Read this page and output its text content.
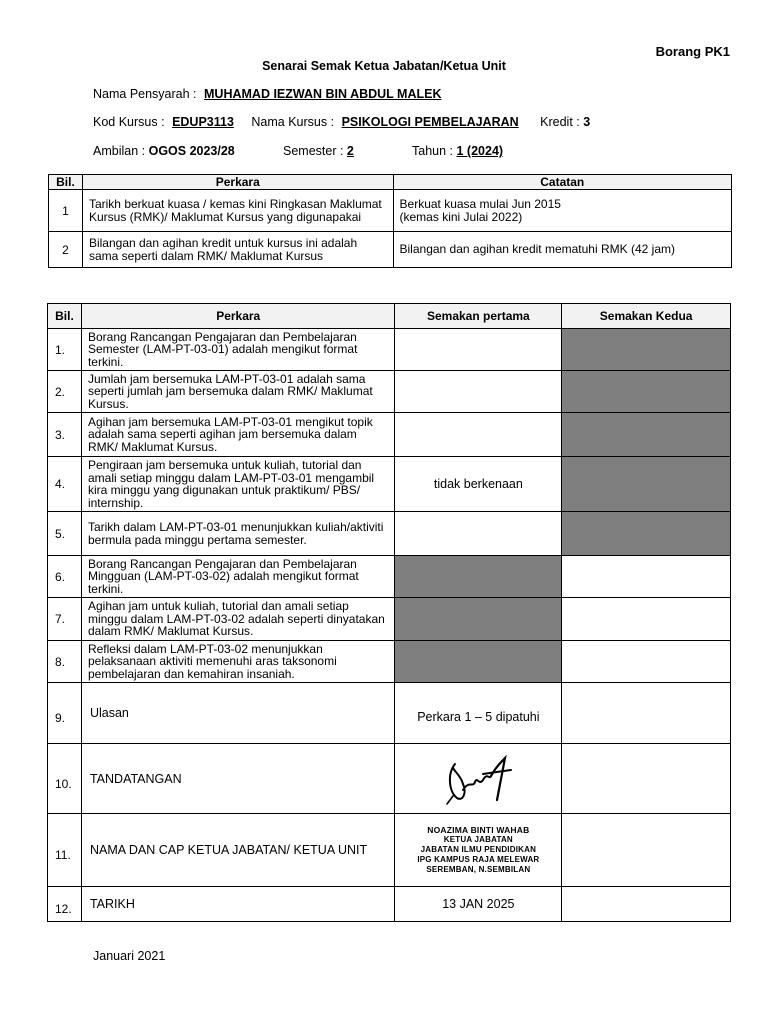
Borang PK1
Senarai Semak Ketua Jabatan/Ketua Unit
Nama Pensyarah : MUHAMAD IEZWAN BIN ABDUL MALEK
Kod Kursus : EDUP3113 Nama Kursus : PSIKOLOGI PEMBELAJARAN Kredit : 3
Ambilan : OGOS 2023/28	Semester : 2	Tahun : 1 (2024)
Bil.	Perkara	Catatan
1	Tarikh berkuat kuasa / kemas kini Ringkasan Maklumat Kursus (RMK)/ Maklumat Kursus yang digunapakai	Berkuat kuasa mulai Jun 2015
(kemas kini Julai 2022)

2	Bilangan dan agihan kredit untuk kursus ini adalah sama seperti dalam RMK/ Maklumat Kursus	Bilangan dan agihan kredit mematuhi RMK (42 jam)
Bil.	Perkara	Semakan pertama	Semakan Kedua
1.	Borang Rancangan Pengajaran dan Pembelajaran Semester (LAM-PT-03-01) adalah mengikut format terkini.		
2.	Jumlah jam bersemuka LAM-PT-03-01 adalah sama seperti jumlah jam bersemuka dalam RMK/ Maklumat Kursus.		
3.	Agihan jam bersemuka LAM-PT-03-01 mengikut topik adalah sama seperti agihan jam bersemuka dalam RMK/ Maklumat Kursus.		
4.	Pengiraan jam bersemuka untuk kuliah, tutorial dan amali setiap minggu dalam LAM-PT-03-01 mengambil kira minggu yang digunakan untuk praktikum/ PBS/ internship.	tidak berkenaan	
5.	Tarikh dalam LAM-PT-03-01 menunjukkan kuliah/aktiviti bermula pada minggu pertama semester.		
6.	Borang Rancangan Pengajaran dan Pembelajaran Mingguan (LAM-PT-03-02) adalah mengikut format terkini.		
7.	Agihan jam untuk kuliah, tutorial dan amali setiap minggu dalam LAM-PT-03-02 adalah seperti dinyatakan dalam RMK/ Maklumat Kursus.		
8.	Refleksi dalam LAM-PT-03-02 menunjukkan pelaksanaan aktiviti memenuhi aras taksonomi pembelajaran dan kemahiran insaniah.		
9.	Ulasan	Perkara 1 – 5 dipatuhi	
10.	TANDATANGAN	

11.	NAMA DAN CAP KETUA JABATAN/ KETUA UNIT	NOAZIMA BINTI WAHAB
KETUA JABATAN
JABATAN ILMU PENDIDIKAN
IPG KAMPUS RAJA MELEWAR
SEREMBAN, N.SEMBILAN	

12.	TARIKH	13 JAN 2025	
Januari 2021
